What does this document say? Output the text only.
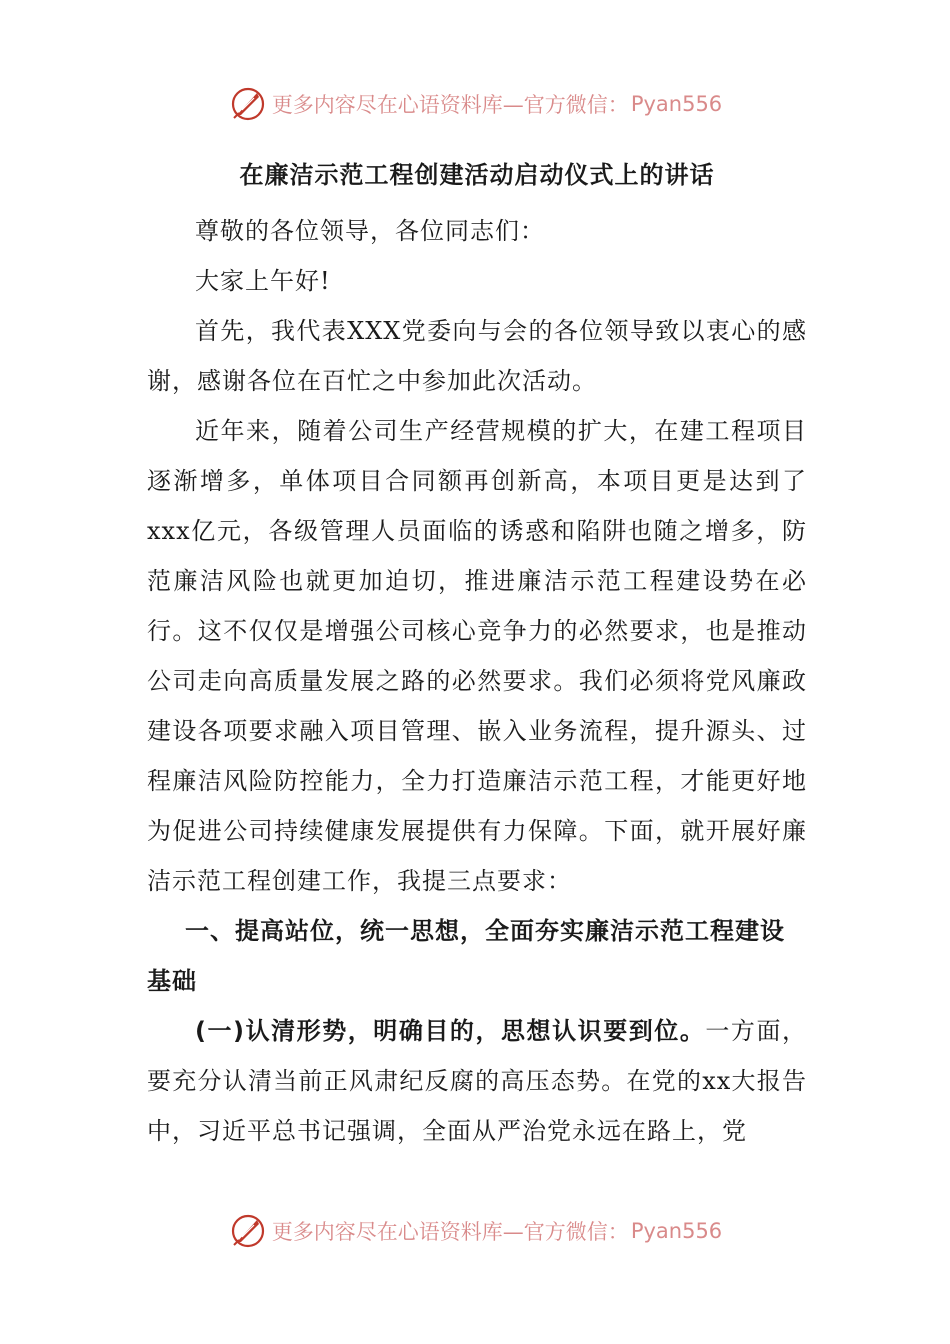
更多内容尽在心语资料库—官方微信： Pyan556
在廉洁示范工程创建活动启动仪式上的讲话

尊敬的各位领导，各位同志们：

大家上午好!

首先，我代表XXX党委向与会的各位领导致以衷心的感谢，感谢各位在百忙之中参加此次活动。

近年来，随着公司生产经营规模的扩大，在建工程项目逐渐增多，单体项目合同额再创新高，本项目更是达到了xxx亿元，各级管理人员面临的诱惑和陷阱也随之增多，防范廉洁风险也就更加迫切，推进廉洁示范工程建设势在必行。这不仅仅是增强公司核心竞争力的必然要求，也是推动公司走向高质量发展之路的必然要求。我们必须将党风廉政建设各项要求融入项目管理、嵌入业务流程，提升源头、过程廉洁风险防控能力，全力打造廉洁示范工程，才能更好地为促进公司持续健康发展提供有力保障。下面，就开展好廉洁示范工程创建工作，我提三点要求：

一、提高站位，统一思想，全面夯实廉洁示范工程建设基础

(一)认清形势，明确目的，思想认识要到位。一方面，要充分认清当前正风肃纪反腐的高压态势。在党的xx大报告中，习近平总书记强调，全面从严治党永远在路上，党

更多内容尽在心语资料库—官方微信： Pyan556
